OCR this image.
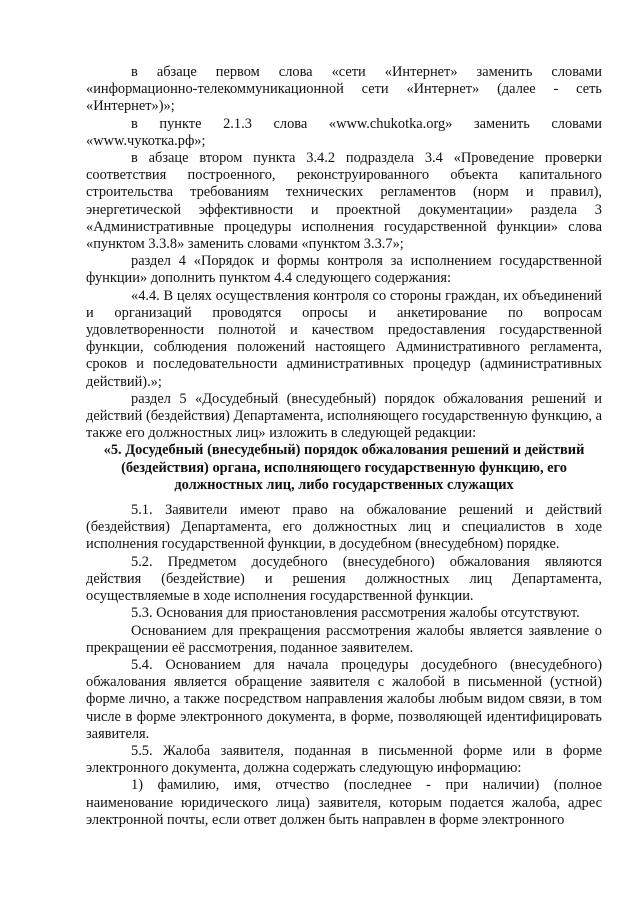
в абзаце первом слова «сети «Интернет» заменить словами «информационно-телекоммуникационной сети «Интернет» (далее - сеть «Интернет»)»;

в пункте 2.1.3 слова «www.chukotka.org» заменить словами «www.чукотка.рф»;

в абзаце втором пункта 3.4.2 подраздела 3.4 «Проведение проверки соответствия построенного, реконструированного объекта капитального строительства требованиям технических регламентов (норм и правил), энергетической эффективности и проектной документации» раздела 3 «Административные процедуры исполнения государственной функции» слова «пунктом 3.3.8» заменить словами «пунктом 3.3.7»;

раздел 4 «Порядок и формы контроля за исполнением государственной функции» дополнить пунктом 4.4 следующего содержания:

«4.4. В целях осуществления контроля со стороны граждан, их объединений и организаций проводятся опросы и анкетирование по вопросам удовлетворенности полнотой и качеством предоставления государственной функции, соблюдения положений настоящего Административного регламента, сроков и последовательности административных процедур (административных действий).»;

раздел 5 «Досудебный (внесудебный) порядок обжалования решений и действий (бездействия) Департамента, исполняющего государственную функцию, а также его должностных лиц» изложить в следующей редакции:

«5. Досудебный (внесудебный) порядок обжалования решений и действий (бездействия) органа, исполняющего государственную функцию, его должностных лиц, либо государственных служащих

5.1. Заявители имеют право на обжалование решений и действий (бездействия) Департамента, его должностных лиц и специалистов в ходе исполнения государственной функции, в досудебном (внесудебном) порядке.

5.2. Предметом досудебного (внесудебного) обжалования являются действия (бездействие) и решения должностных лиц Департамента, осуществляемые в ходе исполнения государственной функции.

5.3. Основания для приостановления рассмотрения жалобы отсутствуют.

Основанием для прекращения рассмотрения жалобы является заявление о прекращении её рассмотрения, поданное заявителем.

5.4. Основанием для начала процедуры досудебного (внесудебного) обжалования является обращение заявителя с жалобой в письменной (устной) форме лично, а также посредством направления жалобы любым видом связи, в том числе в форме электронного документа, в форме, позволяющей идентифицировать заявителя.

5.5. Жалоба заявителя, поданная в письменной форме или в форме электронного документа, должна содержать следующую информацию:

1) фамилию, имя, отчество (последнее - при наличии) (полное наименование юридического лица) заявителя, которым подается жалоба, адрес электронной почты, если ответ должен быть направлен в форме электронного
